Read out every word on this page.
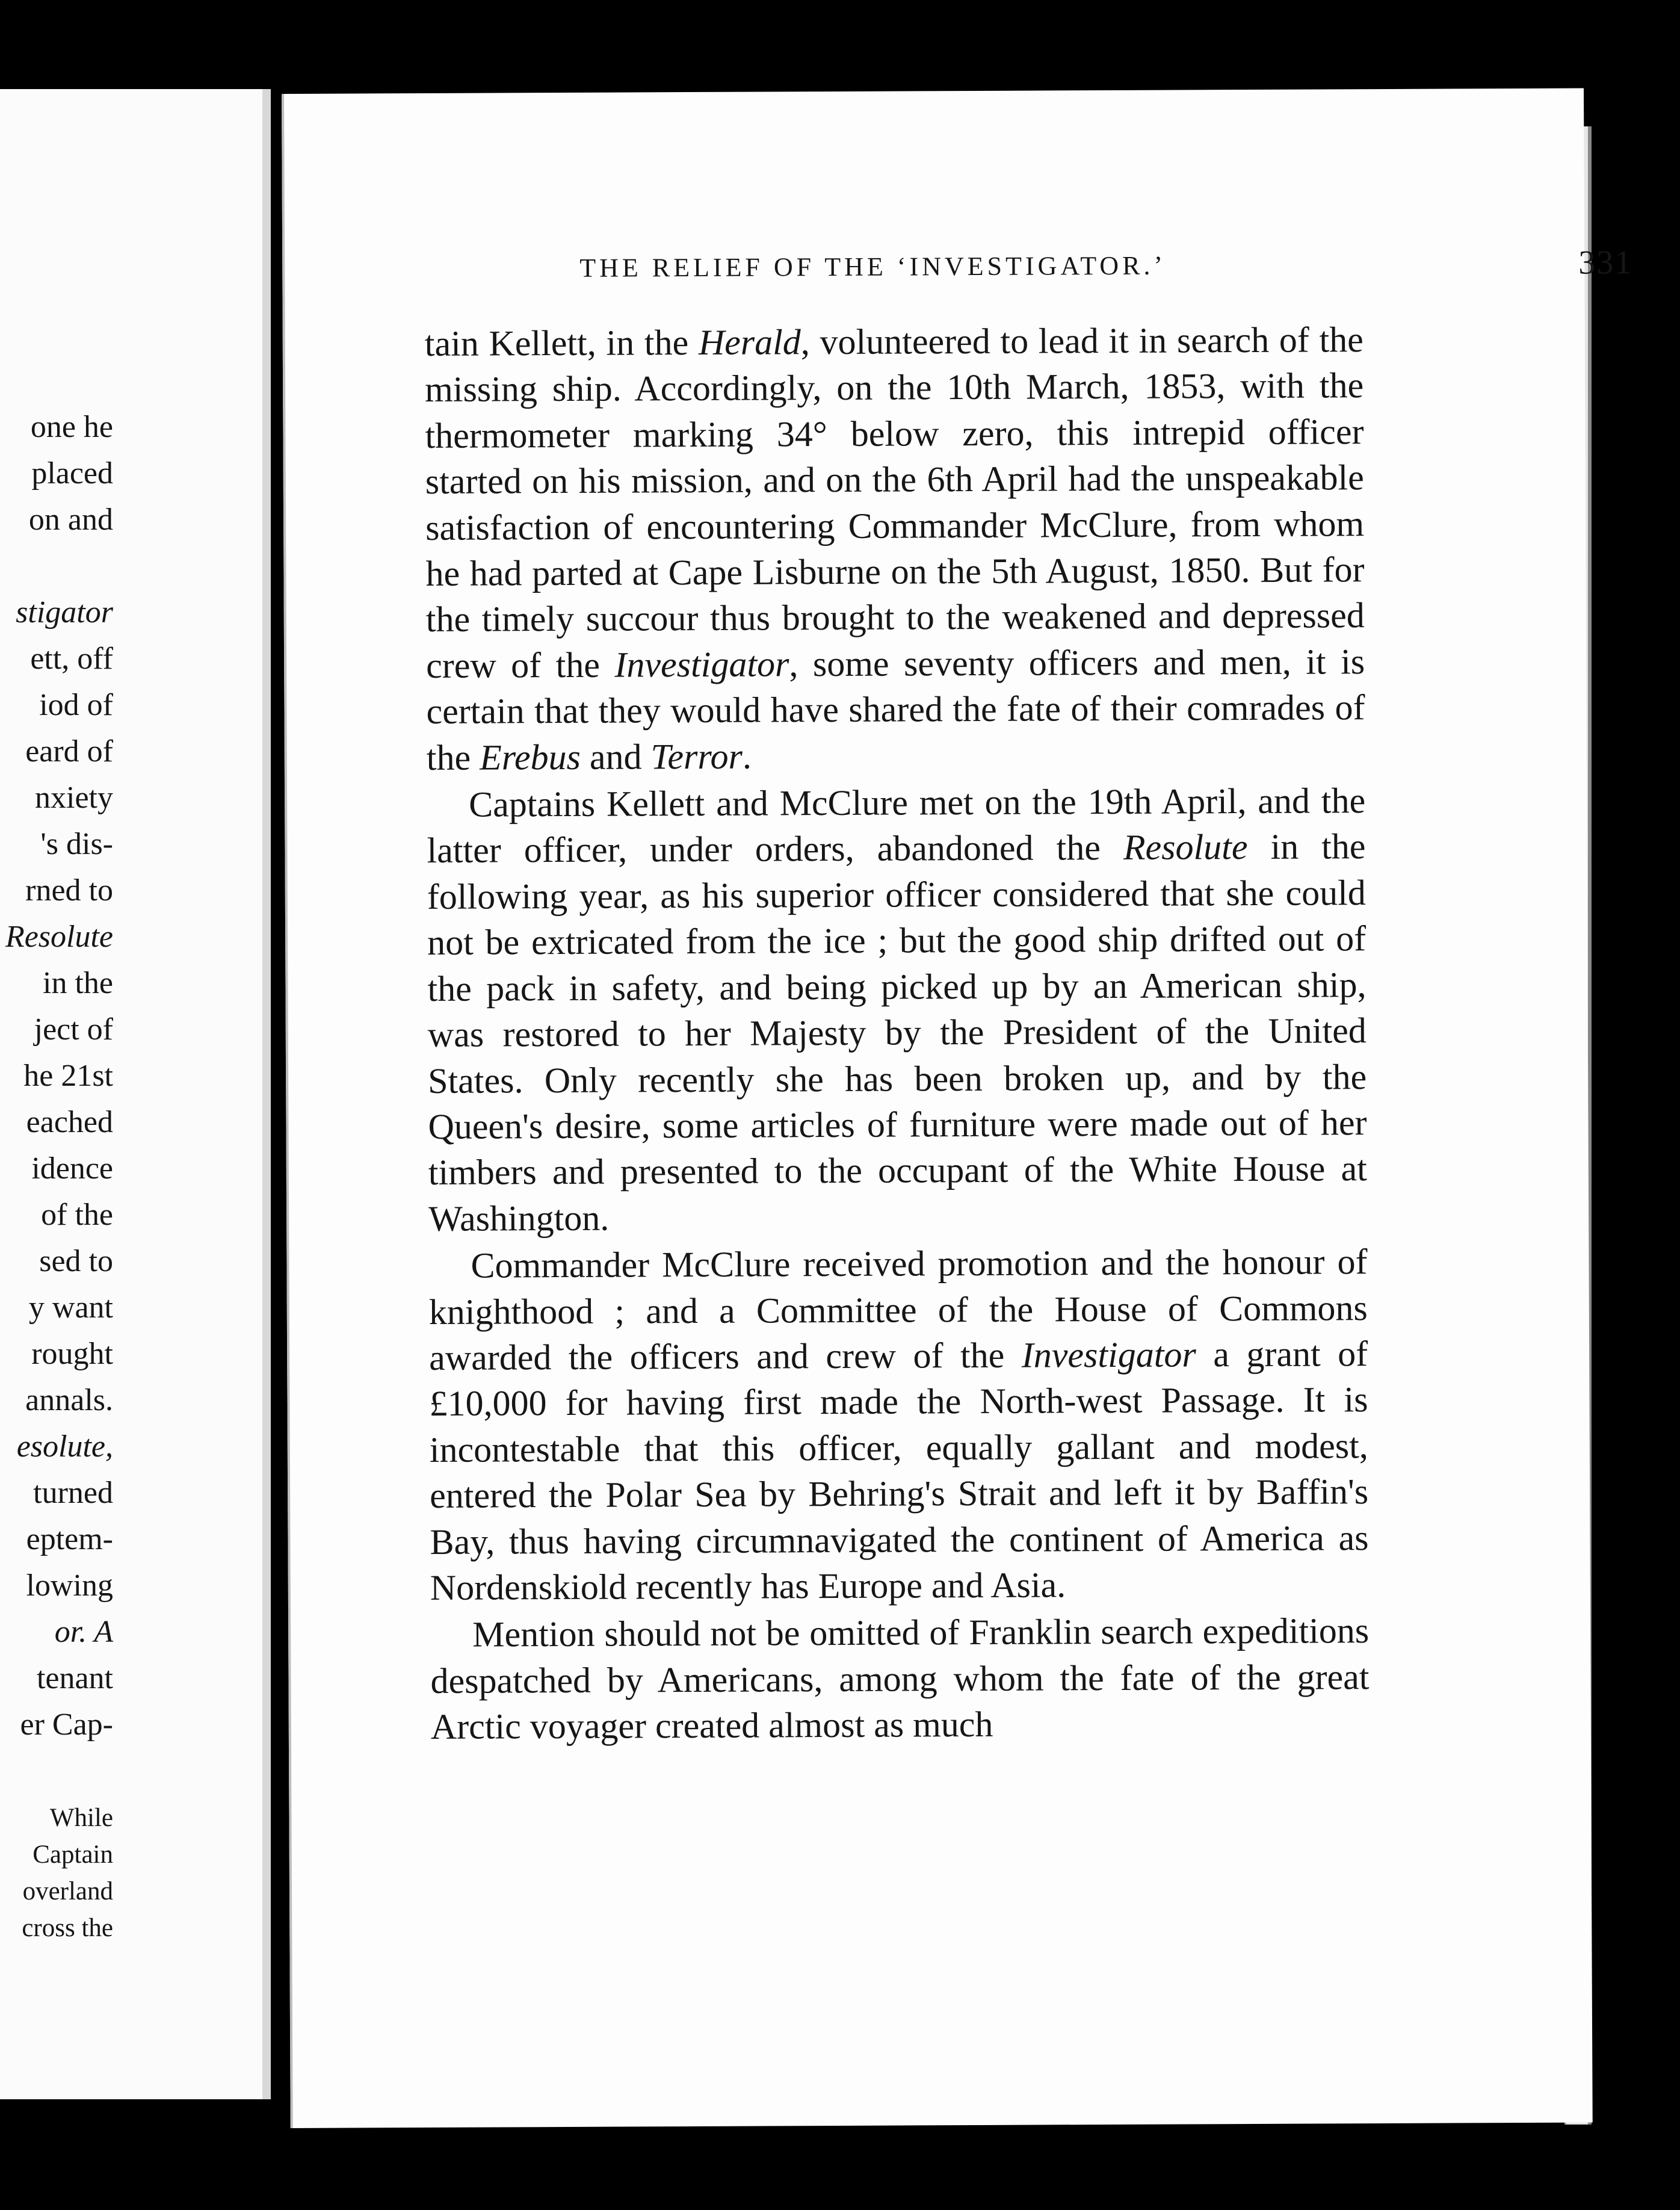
one he
placed
on and

stigator
ett, off
iod of
eard of
nxiety
's dis-
rned to
Resolute
in the
ject of
he 21st
eached
idence
of the
sed to
y want
rought
annals.
esolute,
turned
eptem-
lowing
or. A
tenant
er Cap-
While
Captain
overland
cross the
THE RELIEF OF THE ‘INVESTIGATOR.’	331

tain Kellett, in the Herald, volunteered to lead it in search of the missing ship. Accordingly, on the 10th March, 1853, with the thermometer marking 34° below zero, this intrepid officer started on his mission, and on the 6th April had the unspeakable satisfaction of encountering Commander McClure, from whom he had parted at Cape Lisburne on the 5th August, 1850. But for the timely succour thus brought to the weakened and depressed crew of the Investigator, some seventy officers and men, it is certain that they would have shared the fate of their comrades of the Erebus and Terror.

Captains Kellett and McClure met on the 19th April, and the latter officer, under orders, abandoned the Resolute in the following year, as his superior officer considered that she could not be extricated from the ice ; but the good ship drifted out of the pack in safety, and being picked up by an American ship, was restored to her Majesty by the President of the United States. Only recently she has been broken up, and by the Queen's desire, some articles of furniture were made out of her timbers and presented to the occupant of the White House at Washington.

Commander McClure received promotion and the honour of knighthood ; and a Committee of the House of Commons awarded the officers and crew of the Investigator a grant of £10,000 for having first made the North-west Passage. It is incontestable that this officer, equally gallant and modest, entered the Polar Sea by Behring's Strait and left it by Baffin's Bay, thus having circumnavigated the continent of America as Nordenskiold recently has Europe and Asia.

Mention should not be omitted of Franklin search expeditions despatched by Americans, among whom the fate of the great Arctic voyager created almost as much
